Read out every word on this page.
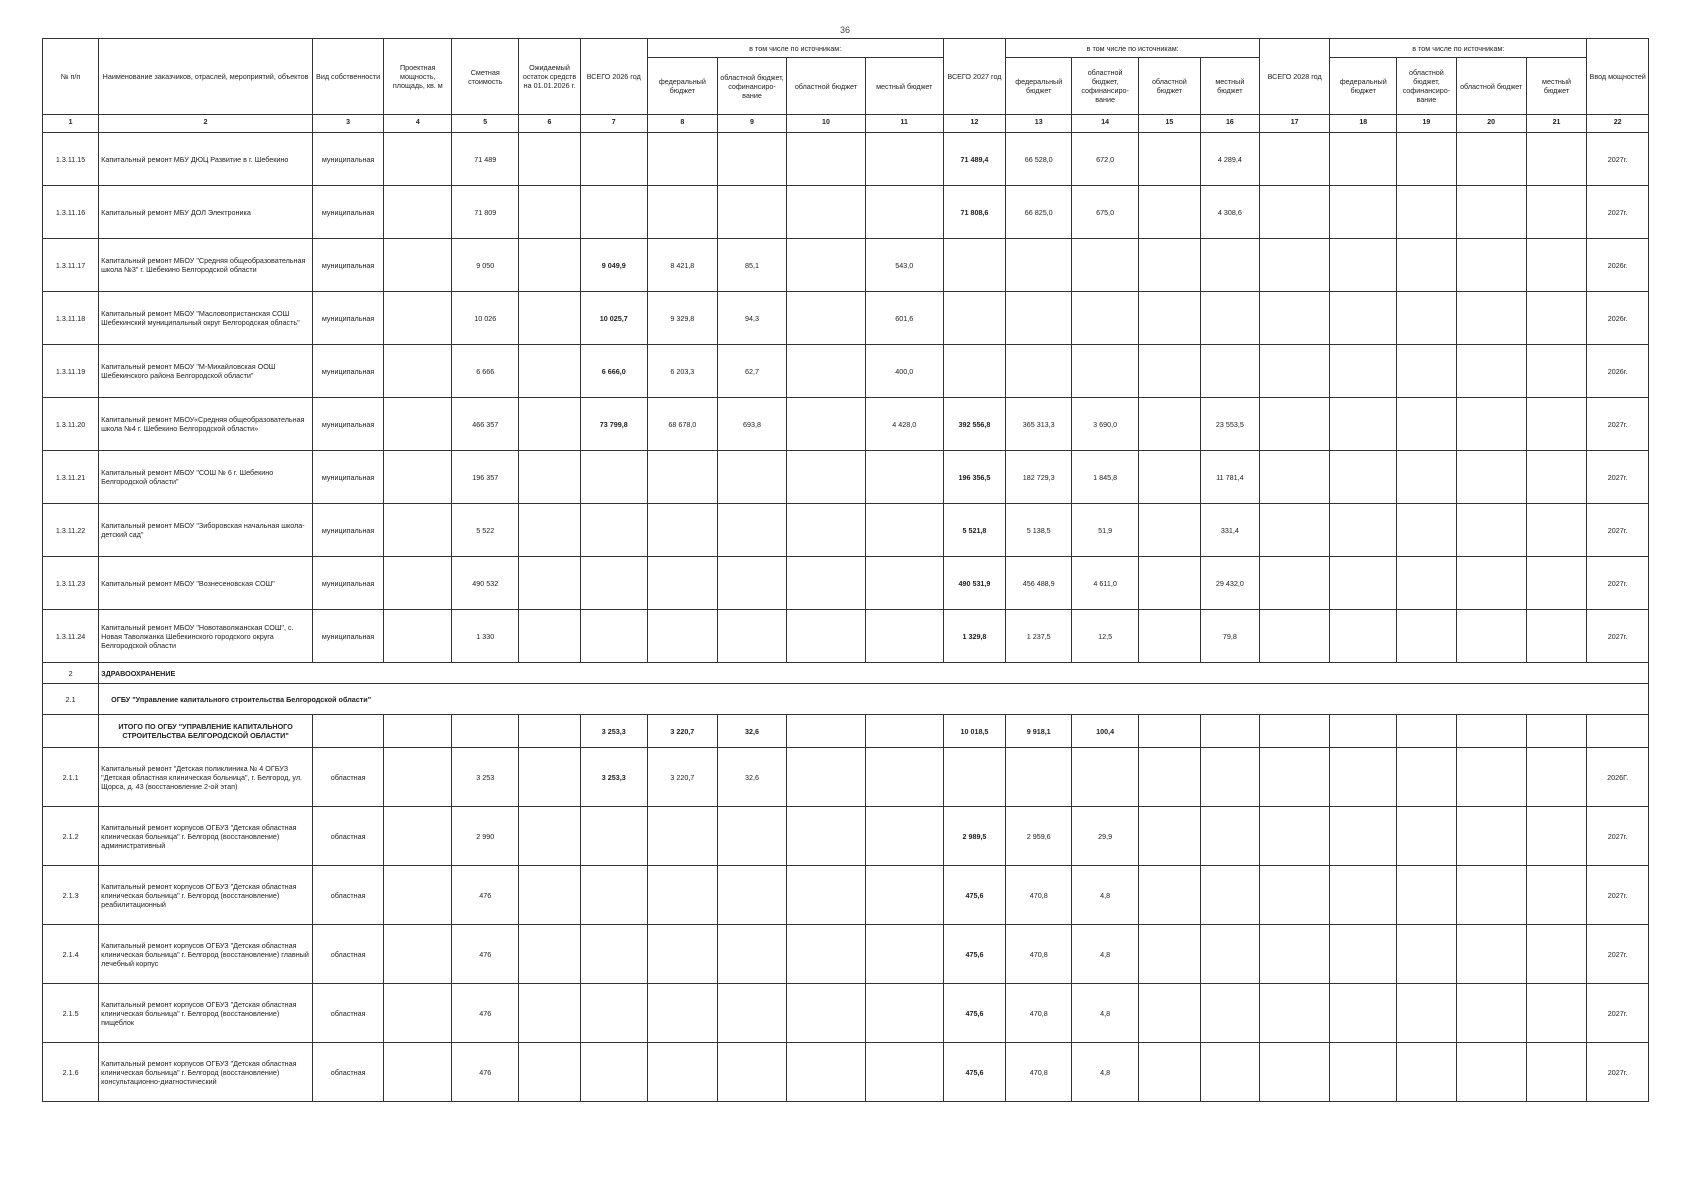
36
№ п/п	Наименование заказчиков, отраслей, мероприятий, объектов	Вид собственности	Проектная мощность, площадь, кв. м	Сметная стоимость	Ожидаемый остаток средств на 01.01.2026 г.	ВСЕГО 2026 год	в том числе по источникам:				ВСЕГО 2027 год	в том числе по источникам:				ВСЕГО 2028 год	в том числе по источникам:				Ввод мощностей
							федеральный бюджет	областной бюджет, софинансиро-вание	областной бюджет	местный бюджет		федеральный бюджет	областной бюджет, софинансиро-вание	областной бюджет	местный бюджет		федеральный бюджет	областной бюджет, софинансиро-вание	областной бюджет	местный бюджет	
1	2	3	4	5	6	7	8	9	10	11	12	13	14	15	16	17	18	19	20	21	22
1.3.11.15	Капитальный ремонт МБУ ДЮЦ Развитие в г. Шебекино	муниципальная		71 489							71 489,4	66 528,0	672,0		4 289,4						2027г.
1.3.11.16	Капитальный ремонт МБУ ДОЛ Электроника	муниципальная		71 809							71 808,6	66 825,0	675,0		4 308,6						2027г.
1.3.11.17	Капитальный ремонт МБОУ "Средняя общеобразовательная школа №3" г. Шебекино Белгородской области	муниципальная		9 050		9 049,9	8 421,8	85,1		543,0											2026г.
1.3.11.18	Капитальный ремонт МБОУ "Масловопристанская СОШ Шебекинский муниципальный округ Белгородская область"	муниципальная		10 026		10 025,7	9 329,8	94,3		601,6											2026г.
1.3.11.19	Капитальный ремонт МБОУ "М-Михайловская ООШ Шебекинского района Белгородской области"	муниципальная		6 666		6 666,0	6 203,3	62,7		400,0											2026г.
1.3.11.20	Капитальный ремонт МБОУ«Средняя общеобразовательная школа №4 г. Шебекино Белгородской области»	муниципальная		466 357		73 799,8	68 678,0	693,8		4 428,0	392 556,8	365 313,3	3 690,0		23 553,5						2027г.
1.3.11.21	Капитальный ремонт МБОУ "СОШ № 6 г. Шебекино Белгородской области"	муниципальная		196 357							196 356,5	182 729,3	1 845,8		11 781,4						2027г.
1.3.11.22	Капитальный ремонт МБОУ "Зиборовская начальная школа-детский сад"	муниципальная		5 522							5 521,8	5 138,5	51,9		331,4						2027г.
1.3.11.23	Капитальный ремонт МБОУ "Вознесеновская СОШ"	муниципальная		490 532							490 531,9	456 488,9	4 611,0		29 432,0						2027г.
1.3.11.24	Капитальный ремонт МБОУ "Новотаволжанская СОШ", с. Новая Таволжанка Шебекинского городского округа Белгородской области	муниципальная		1 330							1 329,8	1 237,5	12,5		79,8						2027г.
2	ЗДРАВООХРАНЕНИЕ																				
2.1	ОГБУ "Управление капитального строительства Белгородской области"																				
	ИТОГО ПО ОГБУ "УПРАВЛЕНИЕ КАПИТАЛЬНОГО СТРОИТЕЛЬСТВА БЕЛГОРОДСКОЙ ОБЛАСТИ"					3 253,3	3 220,7	32,6			10 018,5	9 918,1	100,4								
2.1.1	Капитальный ремонт "Детская поликлиника № 4 ОГБУЗ "Детская областная клиническая больница", г. Белгород, ул. Щорса, д. 43 (восстановление 2-ой этап)	областная		3 253		3 253,3	3 220,7	32,6													2026Г.
2.1.2	Капитальный ремонт корпусов ОГБУЗ "Детская областная клиническая больница" г. Белгород (восстановление) административный	областная		2 990							2 989,5	2 959,6	29,9								2027г.
2.1.3	Капитальный ремонт корпусов ОГБУЗ "Детская областная клиническая больница" г. Белгород (восстановление) реабилитационный	областная		476							475,6	470,8	4,8								2027г.
2.1.4	Капитальный ремонт корпусов ОГБУЗ "Детская областная клиническая больница" г. Белгород (восстановление) главный лечебный корпус	областная		476							475,6	470,8	4,8								2027г.
2.1.5	Капитальный ремонт корпусов ОГБУЗ "Детская областная клиническая больница" г. Белгород (восстановление) пищеблок	областная		476							475,6	470,8	4,8								2027г.
2.1.6	Капитальный ремонт корпусов ОГБУЗ "Детская областная клиническая больница" г. Белгород (восстановление) консультационно-диагностический	областная		476							475,6	470,8	4,8								2027г.
